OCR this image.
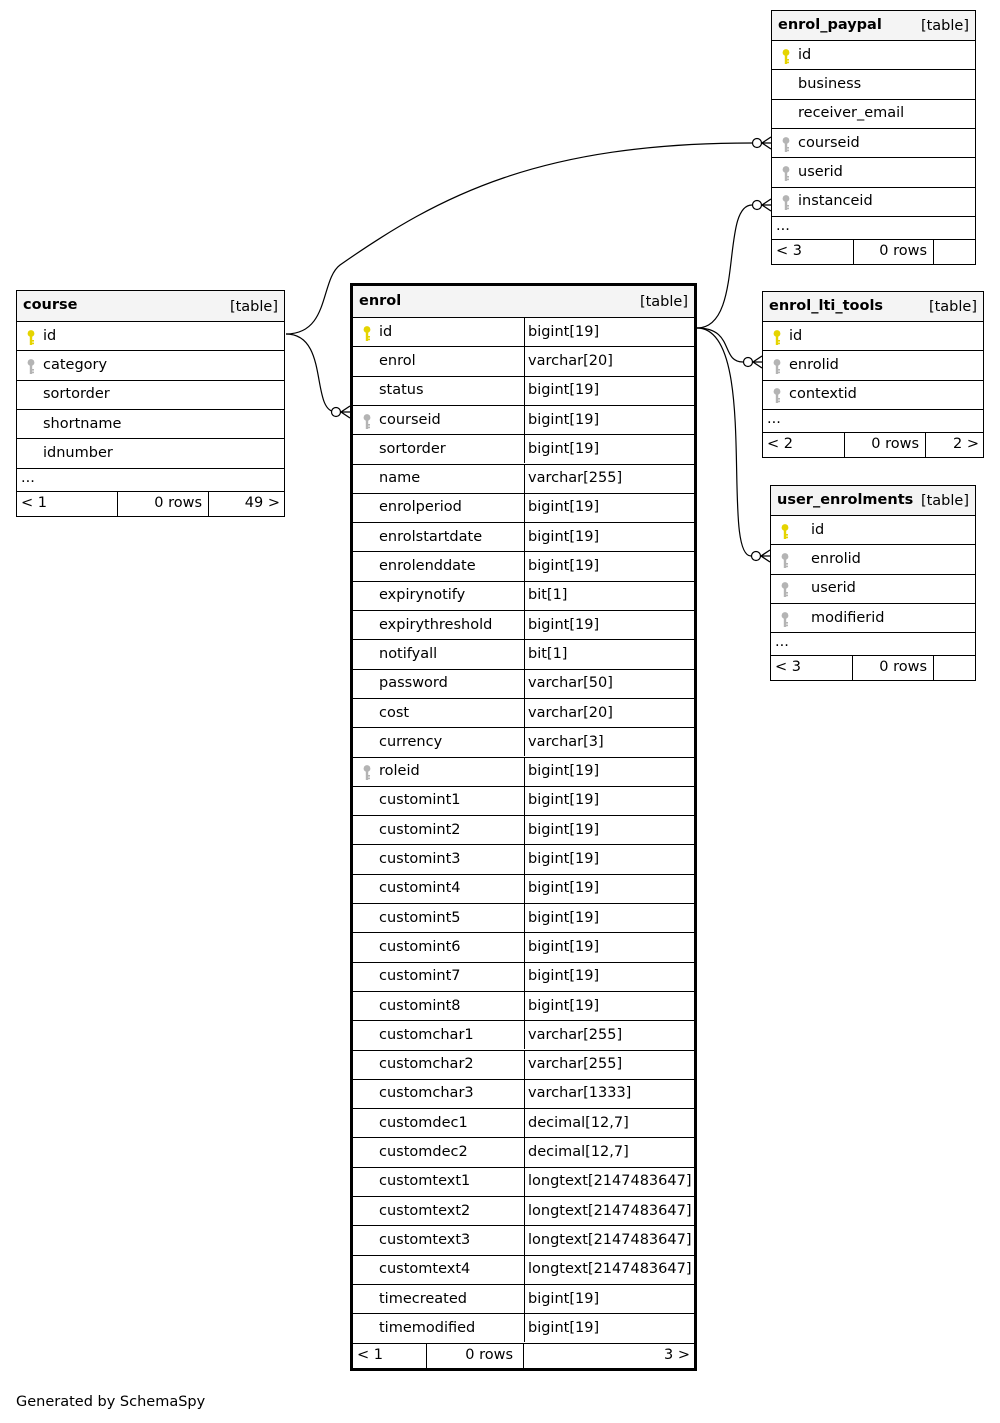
course	[table]
id
category
sortorder
shortname
idnumber
...
< 1	0 rows	49 >
enrol	[table]
id	bigint[19]
enrol	varchar[20]
status	bigint[19]
courseid	bigint[19]
sortorder	bigint[19]
name	varchar[255]
enrolperiod	bigint[19]
enrolstartdate	bigint[19]
enrolenddate	bigint[19]
expirynotify	bit[1]
expirythreshold bigint[19]
notifyall	bit[1]
password	varchar[50]
cost	varchar[20]
currency	varchar[3]
roleid	bigint[19]
customint1	bigint[19]
customint2	bigint[19]
customint3	bigint[19]
customint4	bigint[19]
customint5	bigint[19]
customint6	bigint[19]
customint7	bigint[19]
customint8	bigint[19]
customchar1	varchar[255]
customchar2	varchar[255]
customchar3	varchar[1333]
customdec1	decimal[12,7]
customdec2	decimal[12,7]
customtext1	longtext[2147483647]
customtext2	longtext[2147483647]
customtext3	longtext[2147483647]
customtext4	longtext[2147483647]
timecreated	bigint[19]
timemodified	bigint[19]
< 1	0 rows	3 >
enrol_paypal	[table]
id
business
receiver_email
courseid
userid
instanceid
...
< 3	0 rows
enrol_lti_tools	[table]
id
enrolid
contextid
...
< 2	0 rows 2 >
user_enrolments [table]
id
enrolid
userid
modifierid
...
< 3	0 rows
Generated by SchemaSpy
